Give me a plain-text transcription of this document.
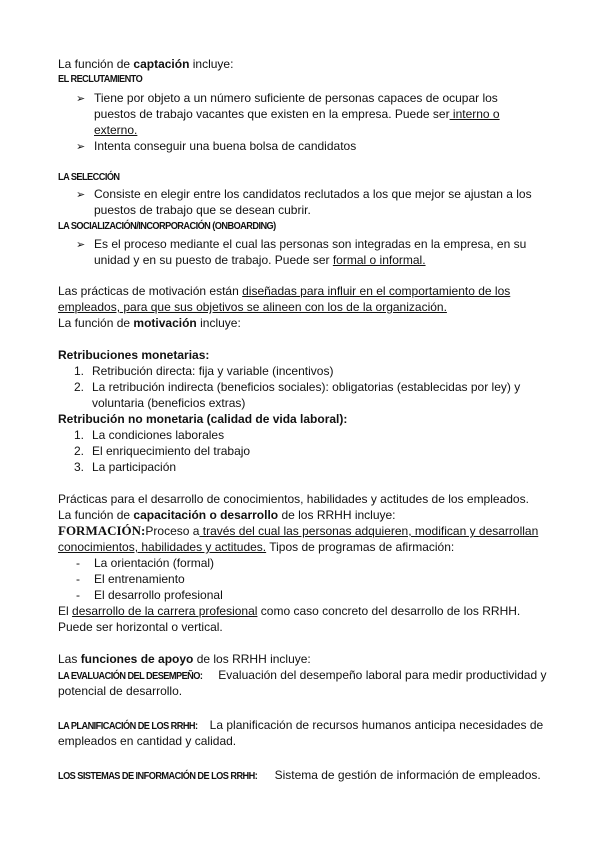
La función de captación incluye:
EL RECLUTAMIENTO
➢ Tiene por objeto a un número suficiente de personas capaces de ocupar los
puestos de trabajo vacantes que existen en la empresa. Puede ser interno o
externo.
➢ Intenta conseguir una buena bolsa de candidatos
LA SELECCIÓN
➢ Consiste en elegir entre los candidatos reclutados a los que mejor se ajustan a los
puestos de trabajo que se desean cubrir.
LA SOCIALIZACIÓN/INCORPORACIÓN (ONBOARDING)
➢ Es el proceso mediante el cual las personas son integradas en la empresa, en su
unidad y en su puesto de trabajo. Puede ser formal o informal.
Las prácticas de motivación están diseñadas para influir en el comportamiento de los
empleados, para que sus objetivos se alineen con los de la organización.
La función de motivación incluye:
Retribuciones monetarias:
1. Retribución directa: fija y variable (incentivos)
2. La retribución indirecta (beneficios sociales): obligatorias (establecidas por ley) y
voluntaria (beneficios extras)
Retribución no monetaria (calidad de vida laboral):
1. La condiciones laborales
2. El enriquecimiento del trabajo
3. La participación
Prácticas para el desarrollo de conocimientos, habilidades y actitudes de los empleados.
La función de capacitación o desarrollo de los RRHH incluye:
FORMACIÓN:Proceso a través del cual las personas adquieren, modifican y desarrollan
conocimientos, habilidades y actitudes. Tipos de programas de afirmación:
- La orientación (formal)
- El entrenamiento
- El desarrollo profesional
El desarrollo de la carrera profesional como caso concreto del desarrollo de los RRHH.
Puede ser horizontal o vertical.
Las funciones de apoyo de los RRHH incluye:
LA EVALUACIÓN DEL DESEMPEÑO: Evaluación del desempeño laboral para medir productividad y
potencial de desarrollo.
LA PLANIFICACIÓN DE LOS RRHH: La planificación de recursos humanos anticipa necesidades de
empleados en cantidad y calidad.
LOS SISTEMAS DE INFORMACIÓN DE LOS RRHH: Sistema de gestión de información de empleados.
